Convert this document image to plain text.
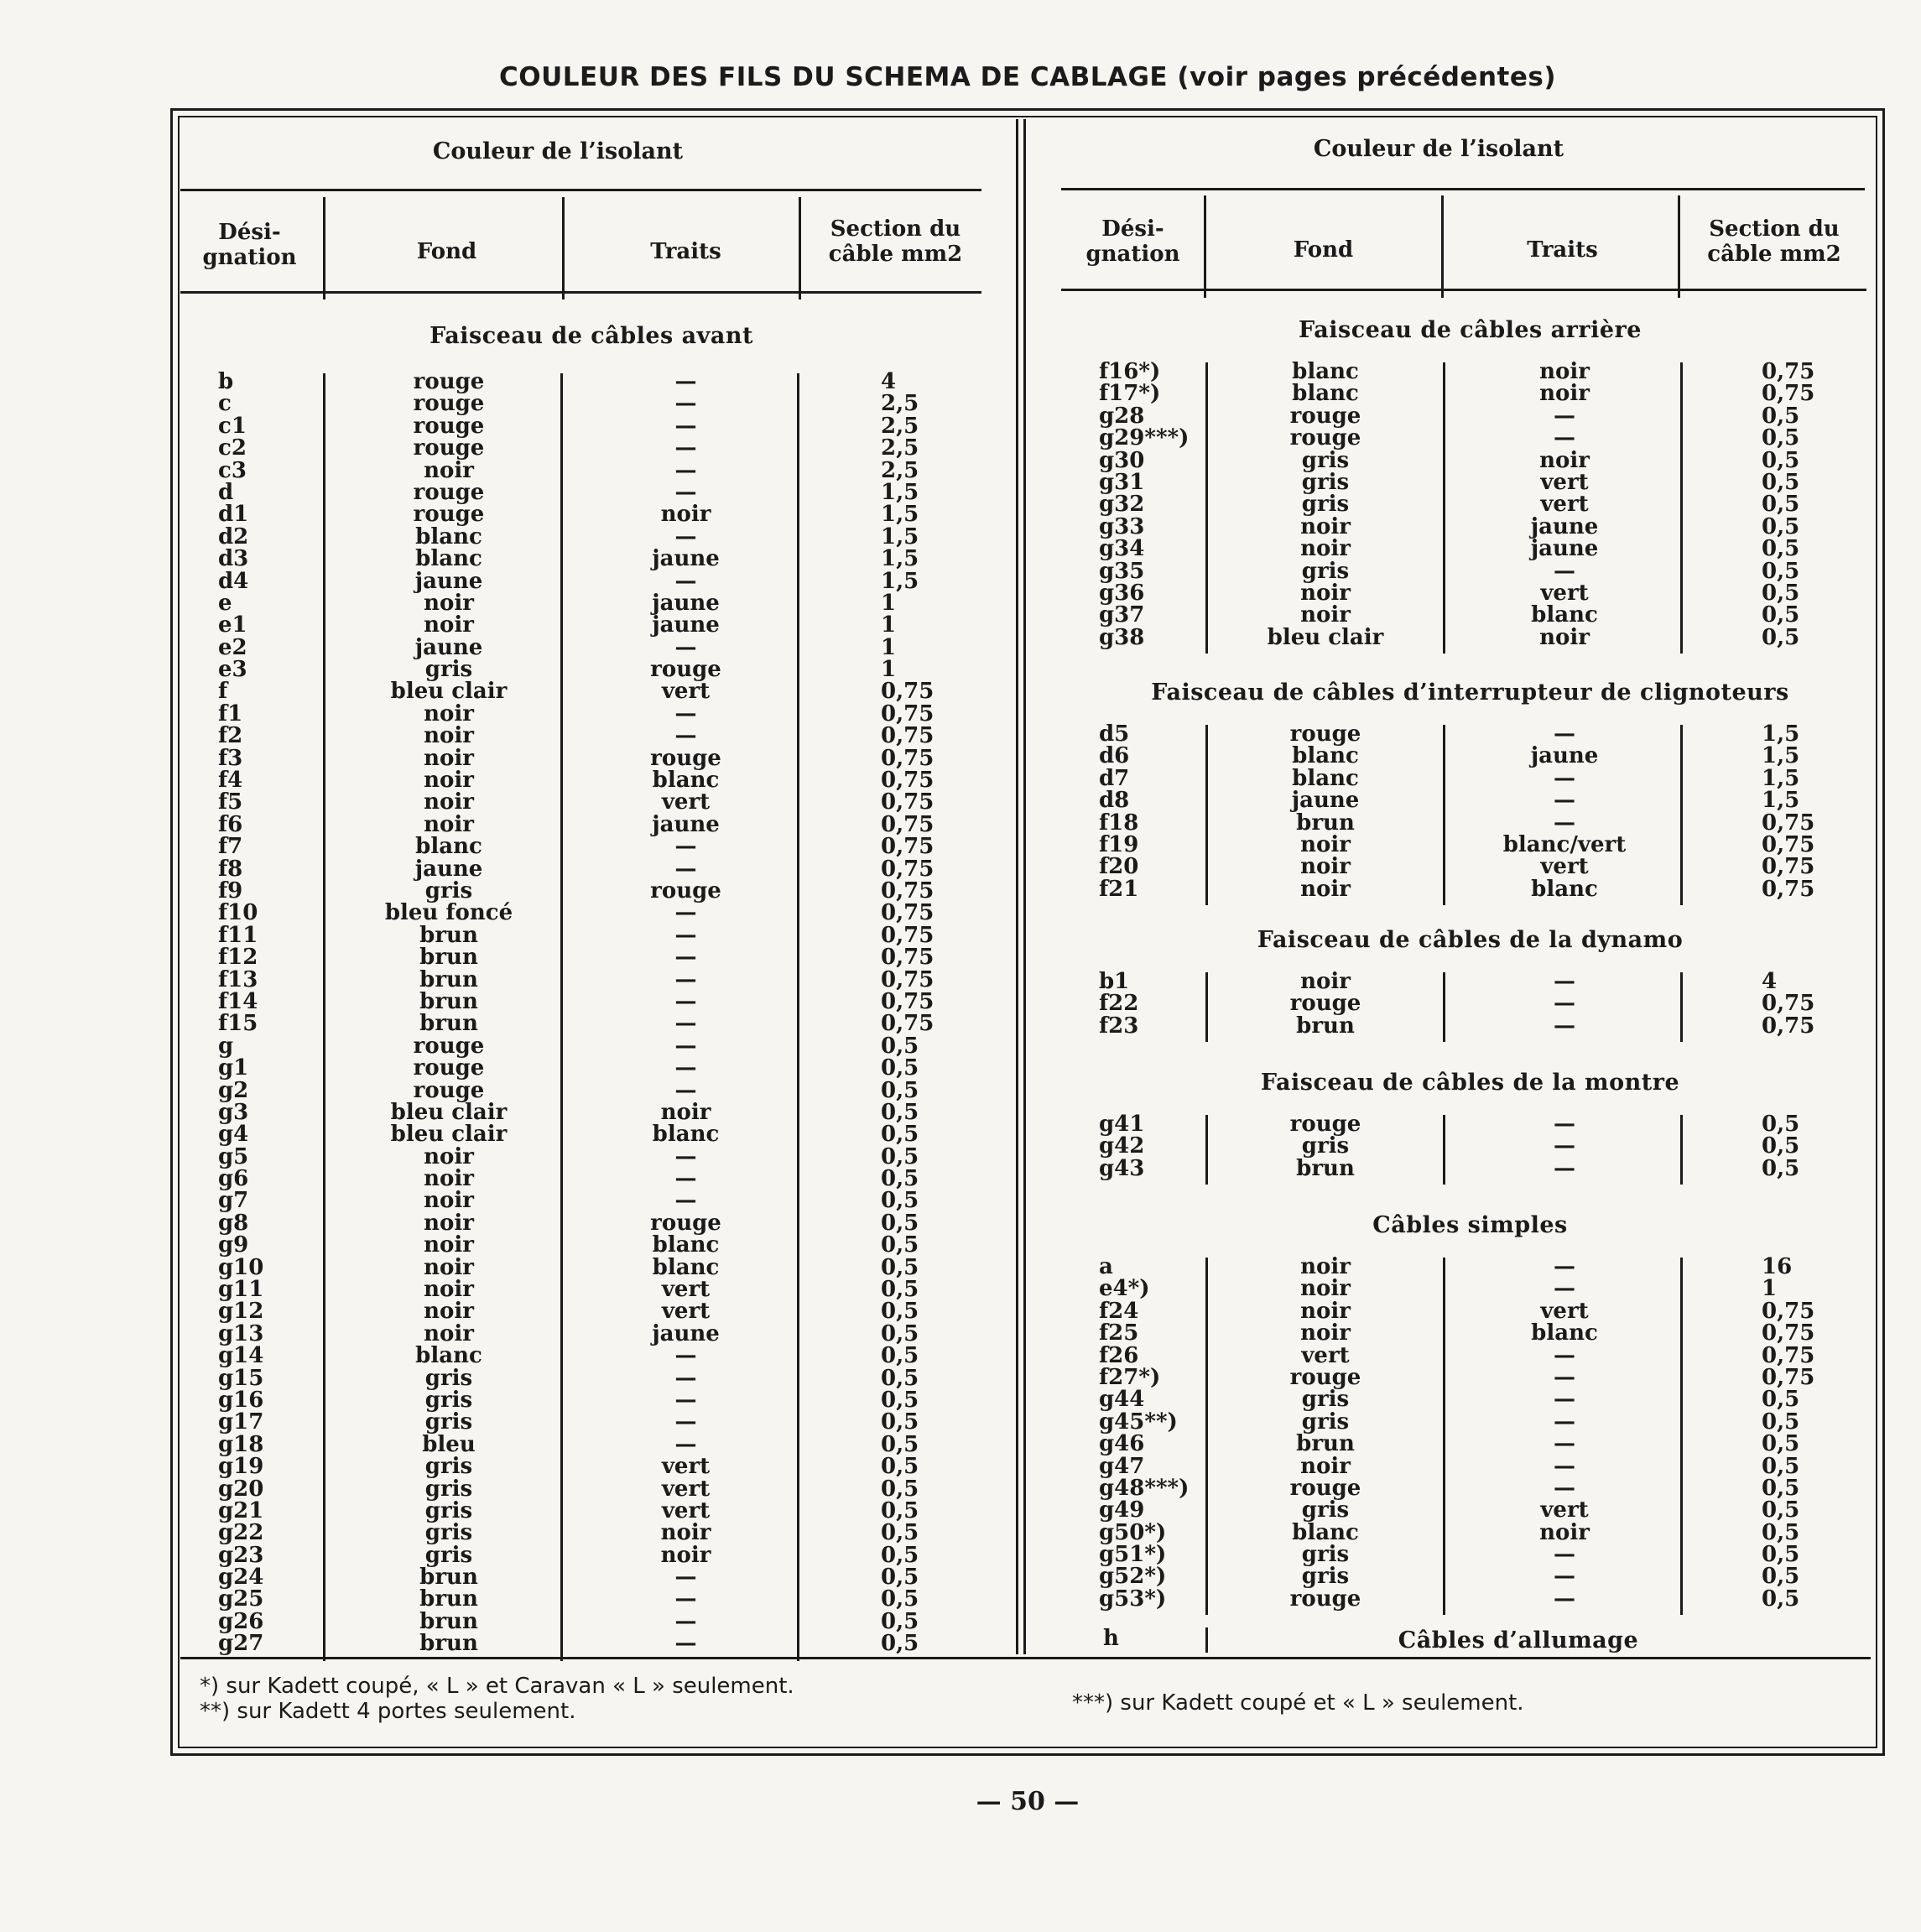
COULEUR DES FILS DU SCHEMA DE CABLAGE (voir pages précédentes)
Couleur de l’isolant
Dési-
gnation	Fond	Traits
Section du
câble mm2
Faisceau de câbles avant
b	rouge	—	4
c	rouge	—	2,5
c1	rouge	—	2,5
c2	rouge	—	2,5
c3	noir	—	2,5
d	rouge	—	1,5
d1	rouge	noir	1,5
d2	blanc	—	1,5
d3	blanc	jaune	1,5
d4	jaune	—	1,5
e	noir	jaune	1
e1	noir	jaune	1
e2	jaune	—	1
e3	gris	rouge	1
f	bleu clair	vert	0,75
f1	noir	—	0,75
f2	noir	—	0,75
f3	noir	rouge	0,75
f4	noir	blanc	0,75
f5	noir	vert	0,75
f6	noir	jaune	0,75
f7	blanc	—	0,75
f8	jaune	—	0,75
f9	gris	rouge	0,75
f10	bleu foncé	—	0,75
f11	brun	—	0,75
f12	brun	—	0,75
f13	brun	—	0,75
f14	brun	—	0,75
f15	brun	—	0,75
g	rouge	—	0,5
g1	rouge	—	0,5
g2	rouge	—	0,5
g3	bleu clair	noir	0,5
g4	bleu clair	blanc	0,5
g5	noir	—	0,5
g6	noir	—	0,5
g7	noir	—	0,5
g8	noir	rouge	0,5
g9	noir	blanc	0,5
g10	noir	blanc	0,5
g11	noir	vert	0,5
g12	noir	vert	0,5
g13	noir	jaune	0,5
g14	blanc	—	0,5
g15	gris	—	0,5
g16	gris	—	0,5
g17	gris	—	0,5
g18	bleu	—	0,5
g19	gris	vert	0,5
g20	gris	vert	0,5
g21	gris	vert	0,5
g22	gris	noir	0,5
g23	gris	noir	0,5
g24	brun	—	0,5
g25	brun	—	0,5
g26	brun	—	0,5
g27	brun	—	0,5
Couleur de l’isolant
Dési-
gnation	Fond	Traits
Section du
câble mm2
Faisceau de câbles arrière
f16*)	blanc	noir	0,75
f17*)	blanc	noir	0,75
g28	rouge	—	0,5
g29***)	rouge	—	0,5
g30	gris	noir	0,5
g31	gris	vert	0,5
g32	gris	vert	0,5
g33	noir	jaune	0,5
g34	noir	jaune	0,5
g35	gris	—	0,5
g36	noir	vert	0,5
g37	noir	blanc	0,5
g38	bleu clair	noir	0,5
Faisceau de câbles d’interrupteur de clignoteurs
d5	rouge	—	1,5
d6	blanc	jaune	1,5
d7	blanc	—	1,5
d8	jaune	—	1,5
f18	brun	—	0,75
f19	noir	blanc/vert	0,75
f20	noir	vert	0,75
f21	noir	blanc	0,75
Faisceau de câbles de la dynamo
b1	noir	—	4
f22	rouge	—	0,75
f23	brun	—	0,75
Faisceau de câbles de la montre
g41	rouge	—	0,5
g42	gris	—	0,5
g43	brun	—	0,5
Câbles simples
a	noir	—	16
e4*)	noir	—	1
f24	noir	vert	0,75
f25	noir	blanc	0,75
f26	vert	—	0,75
f27*)	rouge	—	0,75
g44	gris	—	0,5
g45**)	gris	—	0,5
g46	brun	—	0,5
g47	noir	—	0,5
g48***)	rouge	—	0,5
g49	gris	vert	0,5
g50*)	blanc	noir	0,5
g51*)	gris	—	0,5
g52*)	gris	—	0,5
g53*)	rouge	—	0,5
h	Câbles d’allumage
*) sur Kadett coupé, « L » et Caravan « L » seulement.
**) sur Kadett 4 portes seulement.	***) sur Kadett coupé et « L » seulement.
— 50 —
